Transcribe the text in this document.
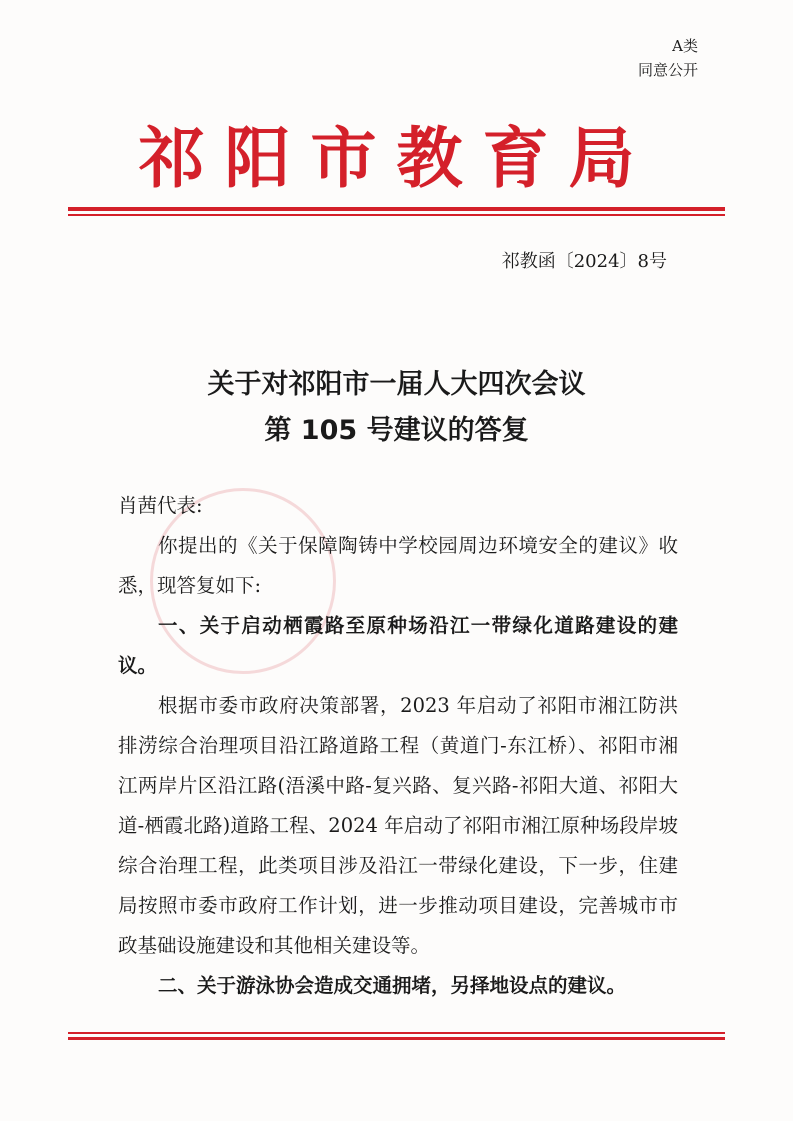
A类
同意公开
祁阳市教育局
祁教函〔2024〕8号
关于对祁阳市一届人大四次会议
第 105 号建议的答复

肖茜代表:

你提出的《关于保障陶铸中学校园周边环境安全的建议》收悉，现答复如下:

一、关于启动栖霞路至原种场沿江一带绿化道路建设的建议。

根据市委市政府决策部署，2023 年启动了祁阳市湘江防洪排涝综合治理项目沿江路道路工程（黄道门-东江桥）、祁阳市湘江两岸片区沿江路(浯溪中路-复兴路、复兴路-祁阳大道、祁阳大道-栖霞北路)道路工程、2024 年启动了祁阳市湘江原种场段岸坡综合治理工程，此类项目涉及沿江一带绿化建设，下一步，住建局按照市委市政府工作计划，进一步推动项目建设，完善城市市政基础设施建设和其他相关建设等。

二、关于游泳协会造成交通拥堵，另择地设点的建议。
